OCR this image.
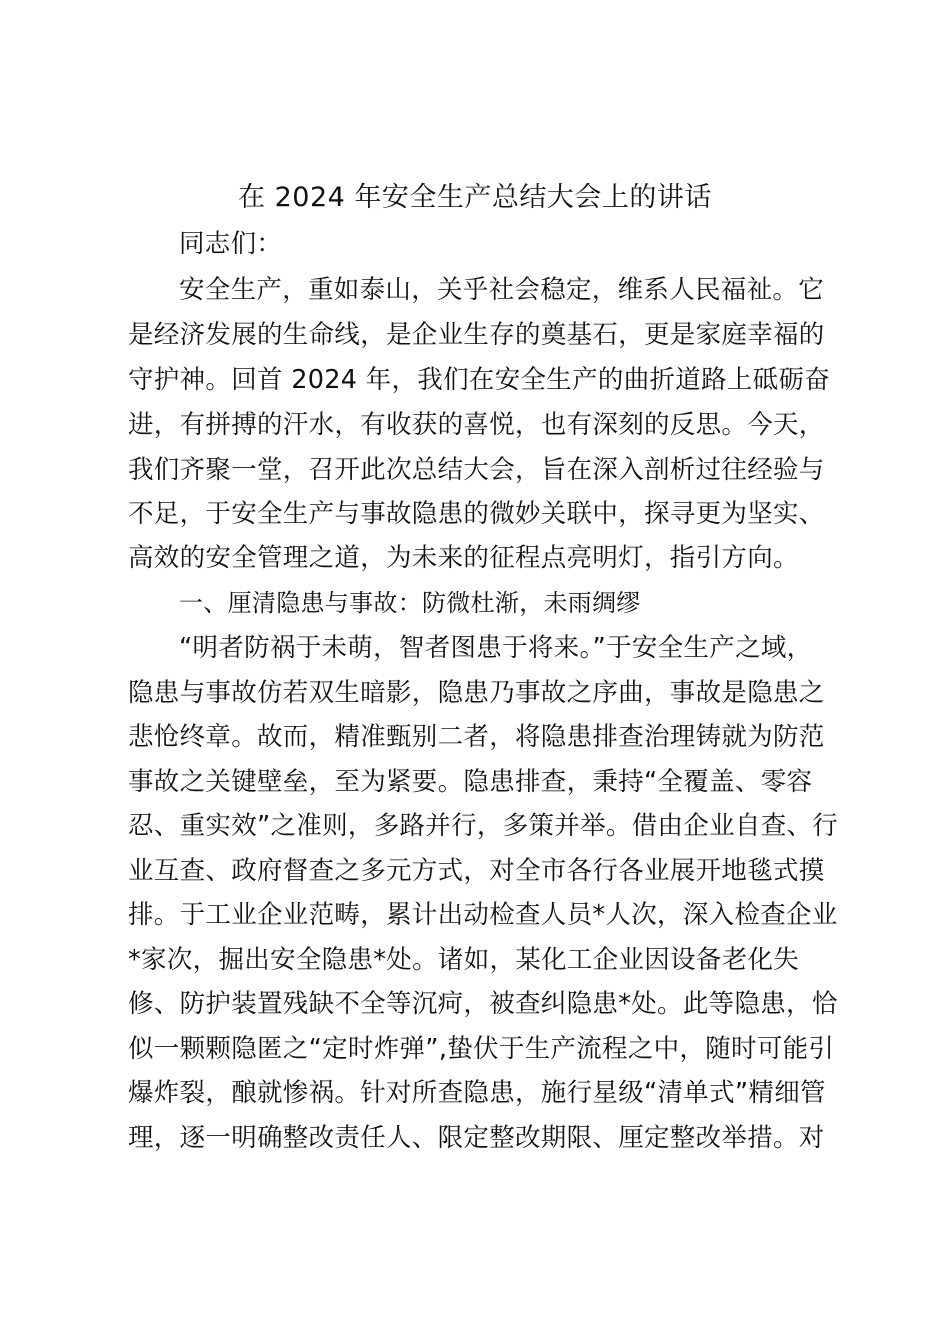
在 2024 年安全生产总结大会上的讲话
同志们：
安全生产，重如泰山，关乎社会稳定，维系人民福祉。它
是经济发展的生命线，是企业生存的奠基石，更是家庭幸福的
守护神。回首 2024 年，我们在安全生产的曲折道路上砥砺奋
进，有拼搏的汗水，有收获的喜悦，也有深刻的反思。今天，
我们齐聚一堂，召开此次总结大会，旨在深入剖析过往经验与
不足，于安全生产与事故隐患的微妙关联中，探寻更为坚实、
高效的安全管理之道，为未来的征程点亮明灯，指引方向。
一、厘清隐患与事故：防微杜渐，未雨绸缪
“明者防祸于未萌，智者图患于将来。”于安全生产之域，
隐患与事故仿若双生暗影，隐患乃事故之序曲，事故是隐患之
悲怆终章。故而，精准甄别二者，将隐患排查治理铸就为防范
事故之关键壁垒，至为紧要。隐患排查，秉持“全覆盖、零容
忍、重实效”之准则，多路并行，多策并举。借由企业自查、行
业互查、政府督查之多元方式，对全市各行各业展开地毯式摸
排。于工业企业范畴，累计出动检查人员*人次，深入检查企业
*家次，掘出安全隐患*处。诸如，某化工企业因设备老化失
修、防护装置残缺不全等沉疴，被查纠隐患*处。此等隐患，恰
似一颗颗隐匿之“定时炸弹”,蛰伏于生产流程之中，随时可能引
爆炸裂，酿就惨祸。针对所查隐患，施行星级“清单式”精细管
理，逐一明确整改责任人、限定整改期限、厘定整改举措。对
